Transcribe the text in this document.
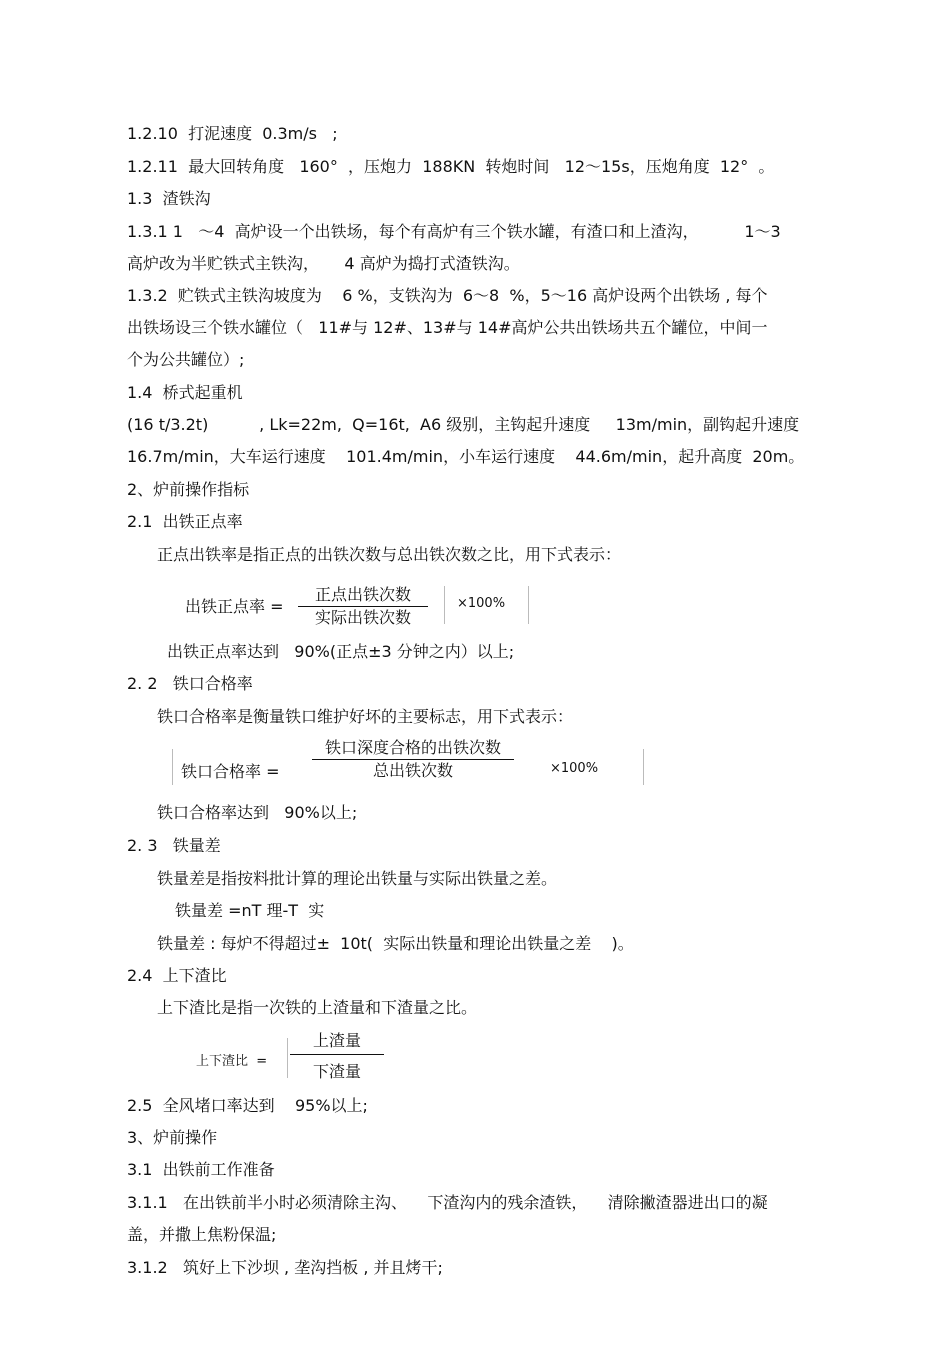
1.2.10  打泥速度  0.3m/s   ;
1.2.11  最大回转角度   160°  ，压炮力  188KN  转炮时间   12～15s，压炮角度  12°  。
1.3  渣铁沟
1.3.1 1   ～4  高炉设一个出铁场，每个有高炉有三个铁水罐，有渣口和上渣沟，         1～3
高炉改为半贮铁式主铁沟，     4 高炉为捣打式渣铁沟。
1.3.2  贮铁式主铁沟坡度为    6 %，支铁沟为  6～8  %，5～16 高炉设两个出铁场 , 每个
出铁场设三个铁水罐位（   11#与 12#、13#与 14#高炉公共出铁场共五个罐位，中间一
个为公共罐位）;
1.4  桥式起重机
(16 t/3.2t)          , Lk=22m,  Q=16t,  A6 级别，主钩起升速度     13m/min，副钩起升速度
16.7m/min，大车运行速度    101.4m/min，小车运行速度    44.6m/min，起升高度  20m。
2、炉前操作指标
2.1  出铁正点率
正点出铁率是指正点的出铁次数与总出铁次数之比，用下式表示：
出铁正点率 =
正点出铁次数
实际出铁次数
×100%
出铁正点率达到   90%(正点±3 分钟之内）以上;
2. 2   铁口合格率
铁口合格率是衡量铁口维护好坏的主要标志，用下式表示：
铁口合格率 =
铁口深度合格的出铁次数
总出铁次数	×100%
铁口合格率达到   90%以上;
2. 3   铁量差
铁量差是指按料批计算的理论出铁量与实际出铁量之差。
铁量差 =nT 理-T  实
铁量差 : 每炉不得超过±  10t(  实际出铁量和理论出铁量之差    )。
2.4  上下渣比
上下渣比是指一次铁的上渣量和下渣量之比。
上下渣比  =
上渣量
下渣量
2.5  全风堵口率达到    95%以上;
3、炉前操作
3.1  出铁前工作准备
3.1.1   在出铁前半小时必须清除主沟、    下渣沟内的残余渣铁，    清除撇渣器进出口的凝
盖，并撒上焦粉保温;
3.1.2   筑好上下沙坝 , 垄沟挡板 , 并且烤干;
